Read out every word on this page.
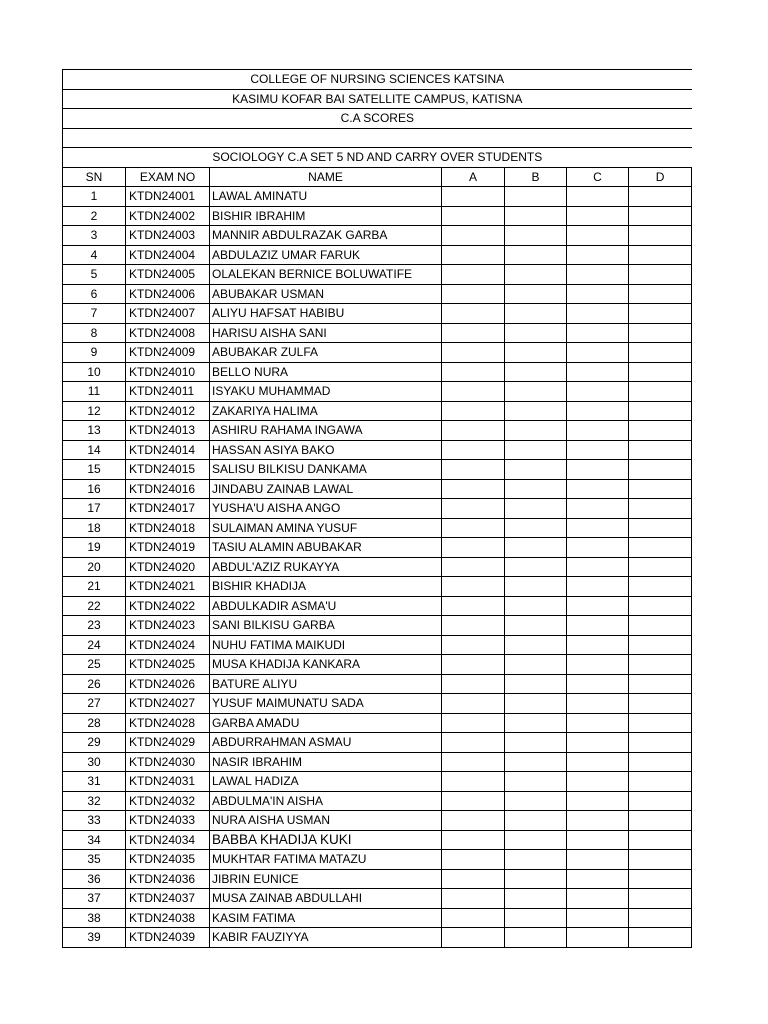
COLLEGE OF NURSING SCIENCES KATSINA						
KASIMU KOFAR BAI SATELLITE CAMPUS, KATISNA						
C.A SCORES						

SOCIOLOGY C.A SET 5 ND AND CARRY OVER STUDENTS						
SN	EXAM NO	NAME	A	B	C	D
1	KTDN24001	LAWAL AMINATU				
2	KTDN24002	BISHIR IBRAHIM				
3	KTDN24003	MANNIR ABDULRAZAK GARBA				
4	KTDN24004	ABDULAZIZ UMAR FARUK				
5	KTDN24005	OLALEKAN BERNICE BOLUWATIFE				
6	KTDN24006	ABUBAKAR USMAN				
7	KTDN24007	ALIYU HAFSAT HABIBU				
8	KTDN24008	HARISU AISHA SANI				
9	KTDN24009	ABUBAKAR ZULFA				
10	KTDN24010	BELLO NURA				
11	KTDN24011	ISYAKU MUHAMMAD				
12	KTDN24012	ZAKARIYA HALIMA				
13	KTDN24013	ASHIRU RAHAMA INGAWA				
14	KTDN24014	HASSAN ASIYA BAKO				
15	KTDN24015	SALISU BILKISU DANKAMA				
16	KTDN24016	JINDABU ZAINAB LAWAL				
17	KTDN24017	YUSHA'U AISHA ANGO				
18	KTDN24018	SULAIMAN AMINA YUSUF				
19	KTDN24019	TASIU ALAMIN ABUBAKAR				
20	KTDN24020	ABDUL'AZIZ RUKAYYA				
21	KTDN24021	BISHIR KHADIJA				
22	KTDN24022	ABDULKADIR ASMA'U				
23	KTDN24023	SANI BILKISU GARBA				
24	KTDN24024	NUHU FATIMA MAIKUDI				
25	KTDN24025	MUSA KHADIJA KANKARA				
26	KTDN24026	BATURE ALIYU				
27	KTDN24027	YUSUF MAIMUNATU SADA				
28	KTDN24028	GARBA AMADU				
29	KTDN24029	ABDURRAHMAN ASMAU				
30	KTDN24030	NASIR IBRAHIM				
31	KTDN24031	LAWAL HADIZA				
32	KTDN24032	ABDULMA'IN AISHA				
33	KTDN24033	NURA AISHA USMAN				
34	KTDN24034	BABBA KHADIJA KUKI				
35	KTDN24035	MUKHTAR FATIMA MATAZU				
36	KTDN24036	JIBRIN EUNICE				
37	KTDN24037	MUSA ZAINAB ABDULLAHI				
38	KTDN24038	KASIM FATIMA				
39	KTDN24039	KABIR FAUZIYYA				
